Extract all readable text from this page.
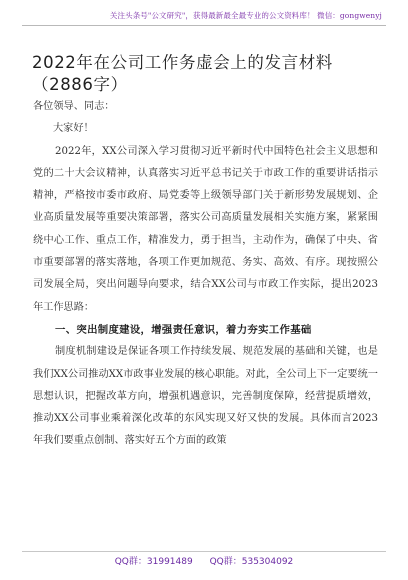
关注头条号"公文研究"，获得最新最全最专业的公文资料库！ 微信：gongwenyj
2022年在公司工作务虚会上的发言材料（2886字）

各位领导、同志：

大家好！

2022年，XX公司深入学习贯彻习近平新时代中国特色社会主义思想和党的二十大会议精神，认真落实习近平总书记关于市政工作的重要讲话指示精神，严格按市委市政府、局党委等上级领导部门关于新形势发展规划、企业高质量发展等重要决策部署，落实公司高质量发展相关实施方案，紧紧围绕中心工作、重点工作，精准发力，勇于担当，主动作为，确保了中央、省市重要部署的落实落地，各项工作更加规范、务实、高效、有序。现按照公司发展全局，突出问题导向要求，结合XX公司与市政工作实际，提出2023年工作思路：

一、突出制度建设，增强责任意识，着力夯实工作基础

制度机制建设是保证各项工作持续发展、规范发展的基础和关键，也是我们XX公司推动XX市政事业发展的核心职能。对此，全公司上下一定要统一思想认识，把握改革方向，增强机遇意识，完善制度保障，经营提质增效，推动XX公司事业乘着深化改革的东风实现又好又快的发展。具体而言2023年我们要重点创制、落实好五个方面的政策

QQ群：31991489 QQ群：535304092
